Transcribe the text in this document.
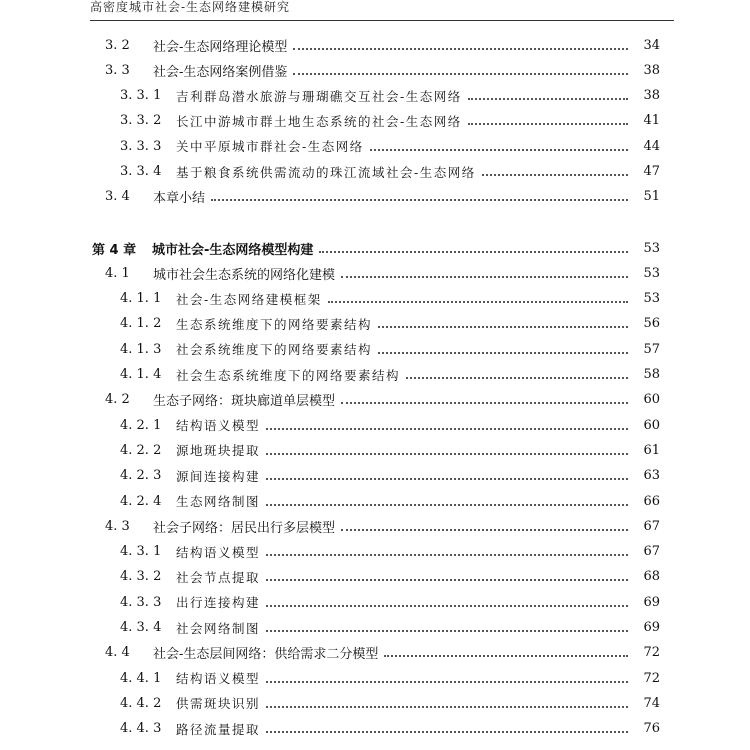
高密度城市社会-生态网络建模研究
3. 2	社会-生态网络理论模型	34
3. 3	社会-生态网络案例借鉴	38
3. 3. 1	吉利群岛潜水旅游与珊瑚礁交互社会-生态网络	38
3. 3. 2	长江中游城市群土地生态系统的社会-生态网络	41
3. 3. 3	关中平原城市群社会-生态网络	44
3. 3. 4	基于粮食系统供需流动的珠江流域社会-生态网络	47
3. 4	本章小结	51
第 4 章	城市社会-生态网络模型构建	53
4. 1	城市社会生态系统的网络化建模	53
4. 1. 1	社会-生态网络建模框架	53
4. 1. 2	生态系统维度下的网络要素结构	56
4. 1. 3	社会系统维度下的网络要素结构	57
4. 1. 4	社会生态系统维度下的网络要素结构	58
4. 2	生态子网络：斑块廊道单层模型	60
4. 2. 1	结构语义模型	60
4. 2. 2	源地斑块提取	61
4. 2. 3	源间连接构建	63
4. 2. 4	生态网络制图	66
4. 3	社会子网络：居民出行多层模型	67
4. 3. 1	结构语义模型	67
4. 3. 2	社会节点提取	68
4. 3. 3	出行连接构建	69
4. 3. 4	社会网络制图	69
4. 4	社会-生态层间网络：供给需求二分模型	72
4. 4. 1	结构语义模型	72
4. 4. 2	供需斑块识别	74
4. 4. 3	路径流量提取	76
